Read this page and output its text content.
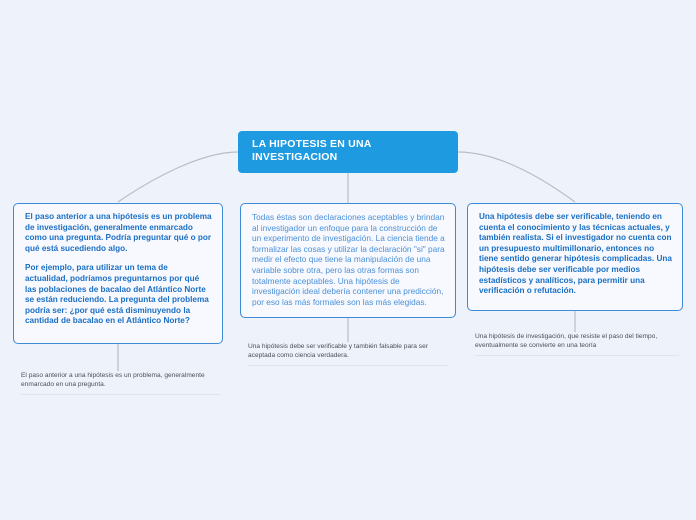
LA HIPOTESIS EN UNA INVESTIGACION

El paso anterior a una hipótesis es un problema de investigación, generalmente enmarcado como una pregunta. Podría preguntar qué o por qué está sucediendo algo.

Por ejemplo, para utilizar un tema de actualidad, podríamos preguntarnos por qué las poblaciones de bacalao del Atlántico Norte se están reduciendo. La pregunta del problema podría ser: ¿por qué está disminuyendo la cantidad de bacalao en el Atlántico Norte?

Todas éstas son declaraciones aceptables y brindan al investigador un enfoque para la construcción de un experimento de investigación. La ciencia tiende a formalizar las cosas y utilizar la declaración "si" para medir el efecto que tiene la manipulación de una variable sobre otra, pero las otras formas son totalmente aceptables. Una hipótesis de investigación ideal debería contener una predicción, por eso las más formales son las más elegidas.

Una hipótesis debe ser verificable, teniendo en cuenta el conocimiento y las técnicas actuales, y también realista. Si el investigador no cuenta con un presupuesto multimillonario, entonces no tiene sentido generar hipótesis complicadas. Una hipótesis debe ser verificable por medios estadísticos y analíticos, para permitir una verificación o refutación.

El paso anterior a una hipótesis es un problema, generalmente enmarcado en una pregunta.
Una hipótesis debe ser verificable y también falsable para ser aceptada como ciencia verdadera.
Una hipótesis de investigación, que resiste el paso del tiempo, eventualmente se convierte en una teoría
